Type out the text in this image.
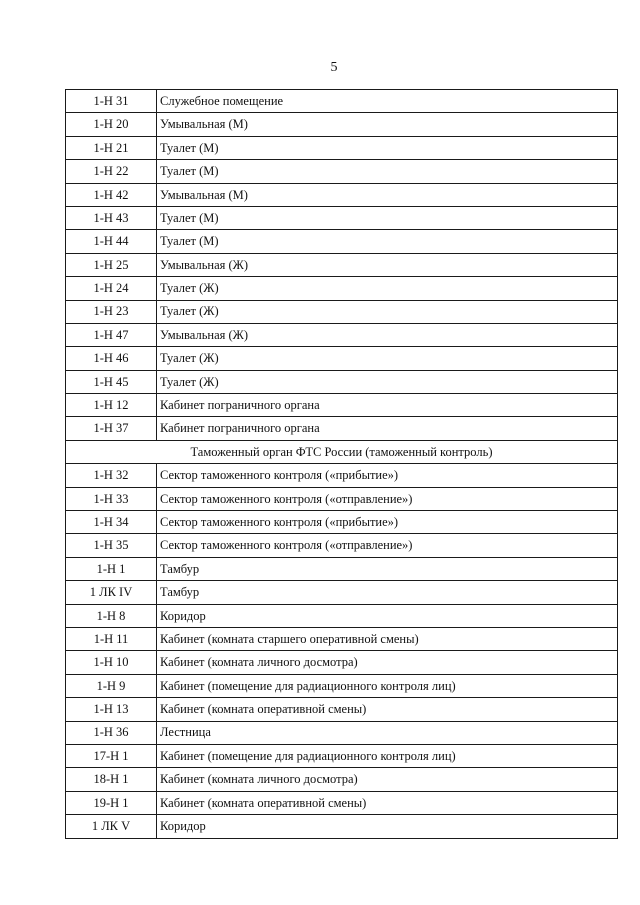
5
1-Н 31	Служебное помещение
1-Н 20	Умывальная (М)
1-Н 21	Туалет (М)
1-Н 22	Туалет (М)
1-Н 42	Умывальная (М)
1-Н 43	Туалет (М)
1-Н 44	Туалет (М)
1-Н 25	Умывальная (Ж)
1-Н 24	Туалет (Ж)
1-Н 23	Туалет (Ж)
1-Н 47	Умывальная (Ж)
1-Н 46	Туалет (Ж)
1-Н 45	Туалет (Ж)
1-Н 12	Кабинет пограничного органа
1-Н 37	Кабинет пограничного органа
Таможенный орган ФТС России (таможенный контроль)	
1-Н 32	Сектор таможенного контроля («прибытие»)
1-Н 33	Сектор таможенного контроля («отправление»)
1-Н 34	Сектор таможенного контроля («прибытие»)
1-Н 35	Сектор таможенного контроля («отправление»)
1-Н 1	Тамбур
1 ЛК IV	Тамбур
1-Н 8	Коридор
1-Н 11	Кабинет (комната старшего оперативной смены)
1-Н 10	Кабинет (комната личного досмотра)
1-Н 9	Кабинет (помещение для радиационного контроля лиц)
1-Н 13	Кабинет (комната оперативной смены)
1-Н 36	Лестница
17-Н 1	Кабинет (помещение для радиационного контроля лиц)
18-Н 1	Кабинет (комната личного досмотра)
19-Н 1	Кабинет (комната оперативной смены)
1 ЛК V	Коридор
